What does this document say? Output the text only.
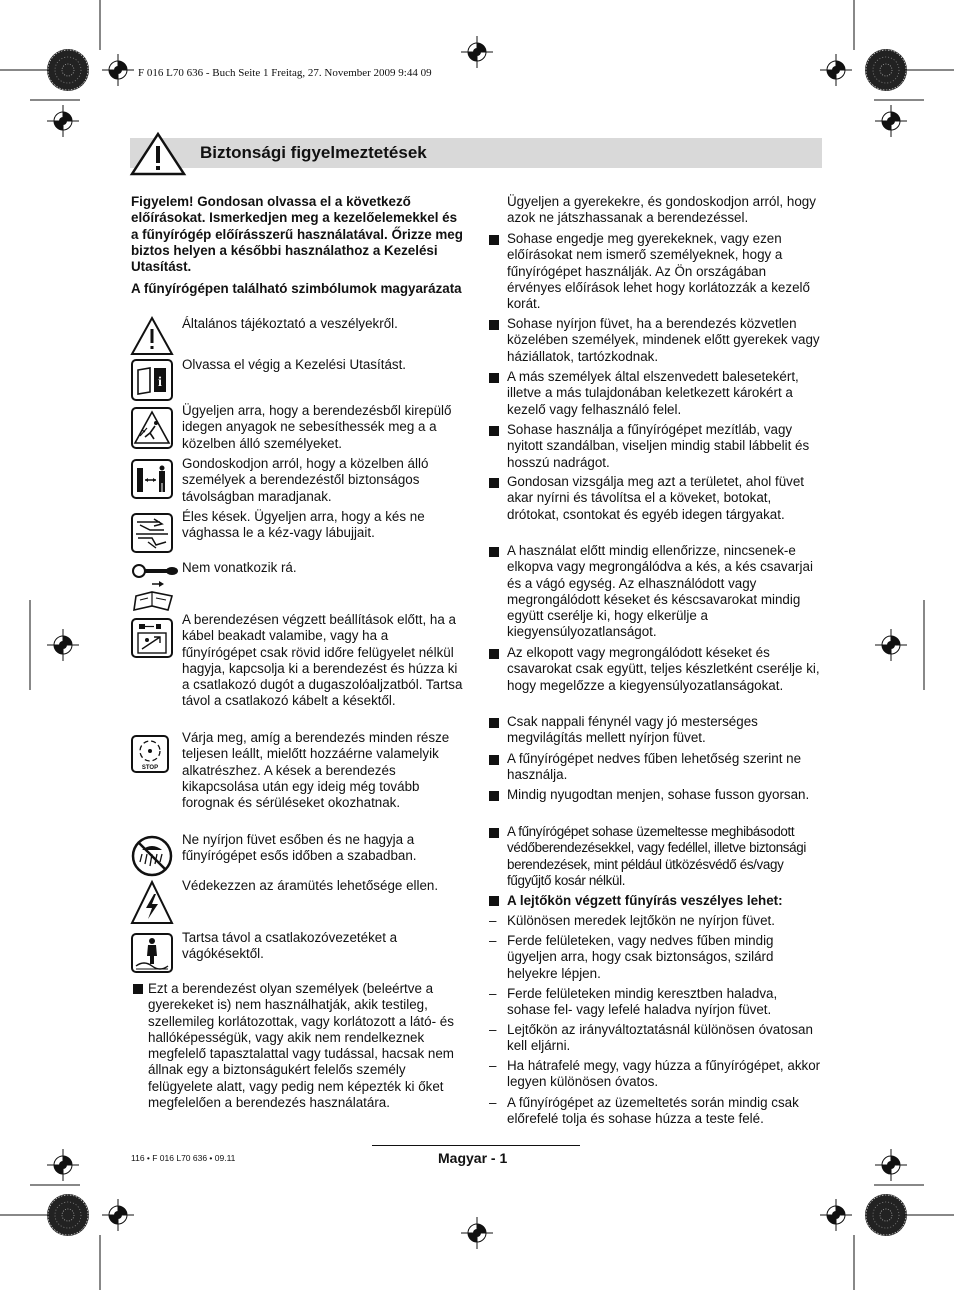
F 016 L70 636 - Buch Seite 1 Freitag, 27. November 2009 9:44 09
Biztonsági figyelmeztetések
Figyelem! Gondosan olvassa el a következő előírásokat. Ismerkedjen meg a kezelőelemekkel és a fűnyírógép előírásszerű használatával. Őrizze meg biztos helyen a későbbi használathoz a Kezelési Utasítást.
A fűnyírógépen található szimbólumok magyarázata
i
STOP
Általános tájékoztató a veszélyekről.
Olvassa el végig a Kezelési Utasítást.
Ügyeljen arra, hogy a berendezésből kirepülő idegen anyagok ne sebesíthessék meg a a közelben álló személyeket.
Gondoskodjon arról, hogy a közelben álló személyek a berendezéstől biztonságos távolságban maradjanak.
Éles kések. Ügyeljen arra, hogy a kés ne vághassa le a kéz-vagy lábujjait.
Nem vonatkozik rá.
A berendezésen végzett beállítások előtt, ha a kábel beakadt valamibe, vagy ha a fűnyírógépet csak rövid időre felügyelet nélkül hagyja, kapcsolja ki a berendezést és húzza ki a csatlakozó dugót a dugaszolóaljzatból. Tartsa távol a csatlakozó kábelt a késektől.
Várja meg, amíg a berendezés minden része teljesen leállt, mielőtt hozzáérne valamelyik alkatrészhez. A kések a berendezés kikapcsolása után egy ideig még tovább forognak és sérüléseket okozhatnak.
Ne nyírjon füvet esőben és ne hagyja a fűnyírógépet esős időben a szabadban.
Védekezzen az áramütés lehetősége ellen.
Tartsa távol a csatlakozóvezetéket a vágókésektől.
Ezt a berendezést olyan személyek (beleértve a gyerekeket is) nem használhatják, akik testileg, szellemileg korlátozottak, vagy korlátozott a látó- és hallóképességük, vagy akik nem rendelkeznek megfelelő tapasztalattal vagy tudással, hacsak nem állnak egy a biztonságukért felelős személy felügyelete alatt, vagy pedig nem képezték ki őket megfelelően a berendezés használatára.
Ügyeljen a gyerekekre, és gondoskodjon arról, hogy azok ne játszhassanak a berendezéssel.
Sohase engedje meg gyerekeknek, vagy ezen előírásokat nem ismerő személyeknek, hogy a fűnyírógépet használják. Az Ön országában érvényes előírások lehet hogy korlátozzák a kezelő korát.
Sohase nyírjon füvet, ha a berendezés közvetlen közelében személyek, mindenek előtt gyerekek vagy háziállatok, tartózkodnak.
A más személyek által elszenvedett balesetekért, illetve a más tulajdonában keletkezett károkért a kezelő vagy felhasználó felel.
Sohase használja a fűnyírógépet mezítláb, vagy nyitott szandálban, viseljen mindig stabil lábbelit és hosszú nadrágot.
Gondosan vizsgálja meg azt a területet, ahol füvet akar nyírni és távolítsa el a köveket, botokat, drótokat, csontokat és egyéb idegen tárgyakat.
A használat előtt mindig ellenőrizze, nincsenek-e elkopva vagy megrongálódva a kés, a kés csavarjai és a vágó egység. Az elhasználódott vagy megrongálódott késeket és késcsavarokat mindig együtt cserélje ki, hogy elkerülje a kiegyensúlyozatlanságot.
Az elkopott vagy megrongálódott késeket és csavarokat csak együtt, teljes készletként cserélje ki, hogy megelőzze a kiegyensúlyozatlanságokat.
Csak nappali fénynél vagy jó mesterséges megvilágítás mellett nyírjon füvet.
A fűnyírógépet nedves fűben lehetőség szerint ne használja.
Mindig nyugodtan menjen, sohase fusson gyorsan.
A fűnyírógépet sohase üzemeltesse meghibásodott védőberendezésekkel, vagy fedéllel, illetve biztonsági berendezések, mint például ütközésvédő és/vagy fűgyűjtő kosár nélkül.
A lejtőkön végzett fűnyírás veszélyes lehet:
– Különösen meredek lejtőkön ne nyírjon füvet.
– Ferde felületeken, vagy nedves fűben mindig ügyeljen arra, hogy csak biztonságos, szilárd helyekre lépjen.
– Ferde felületeken mindig keresztben haladva, sohase fel- vagy lefelé haladva nyírjon füvet.
– Lejtőkön az irányváltoztatásnál különösen óvatosan kell eljárni.
– Ha hátrafelé megy, vagy húzza a fűnyírógépet, akkor legyen különösen óvatos.
– A fűnyírógépet az üzemeltetés során mindig csak előrefelé tolja és sohase húzza a teste felé.
116 • F 016 L70 636 • 09.11	Magyar - 1
